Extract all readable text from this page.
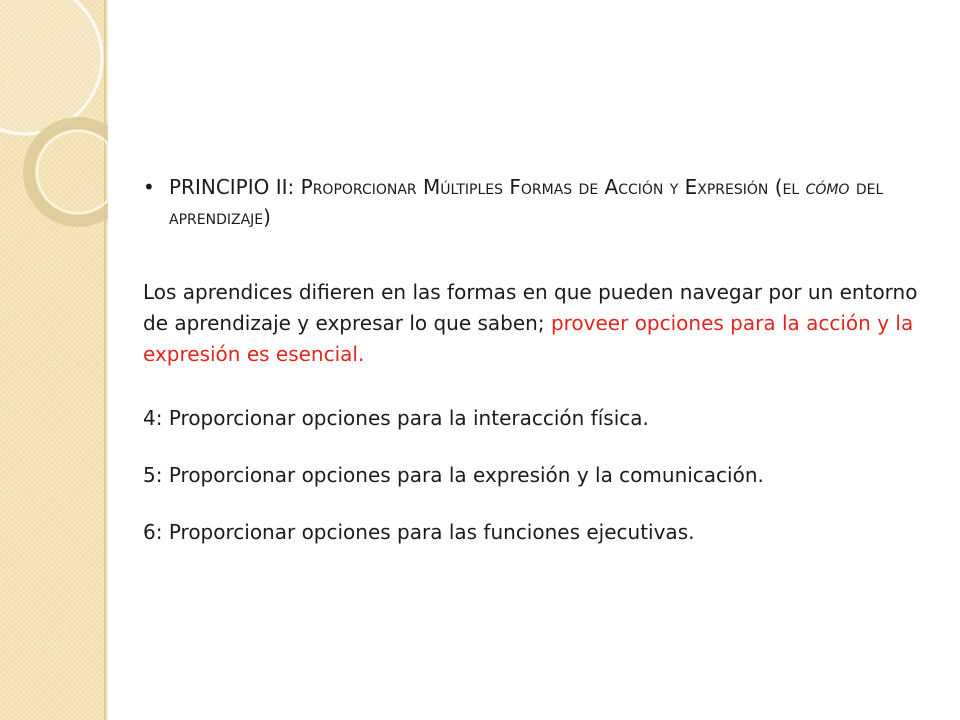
• PRINCIPIO II: Proporcionar Múltiples Formas de Acción y Expresión (el cómo del aprendizaje)

Los aprendices difieren en las formas en que pueden navegar por un entorno de aprendizaje y expresar lo que saben; proveer opciones para la acción y la expresión es esencial.

4: Proporcionar opciones para la interacción física.
5: Proporcionar opciones para la expresión y la comunicación.
6: Proporcionar opciones para las funciones ejecutivas.
